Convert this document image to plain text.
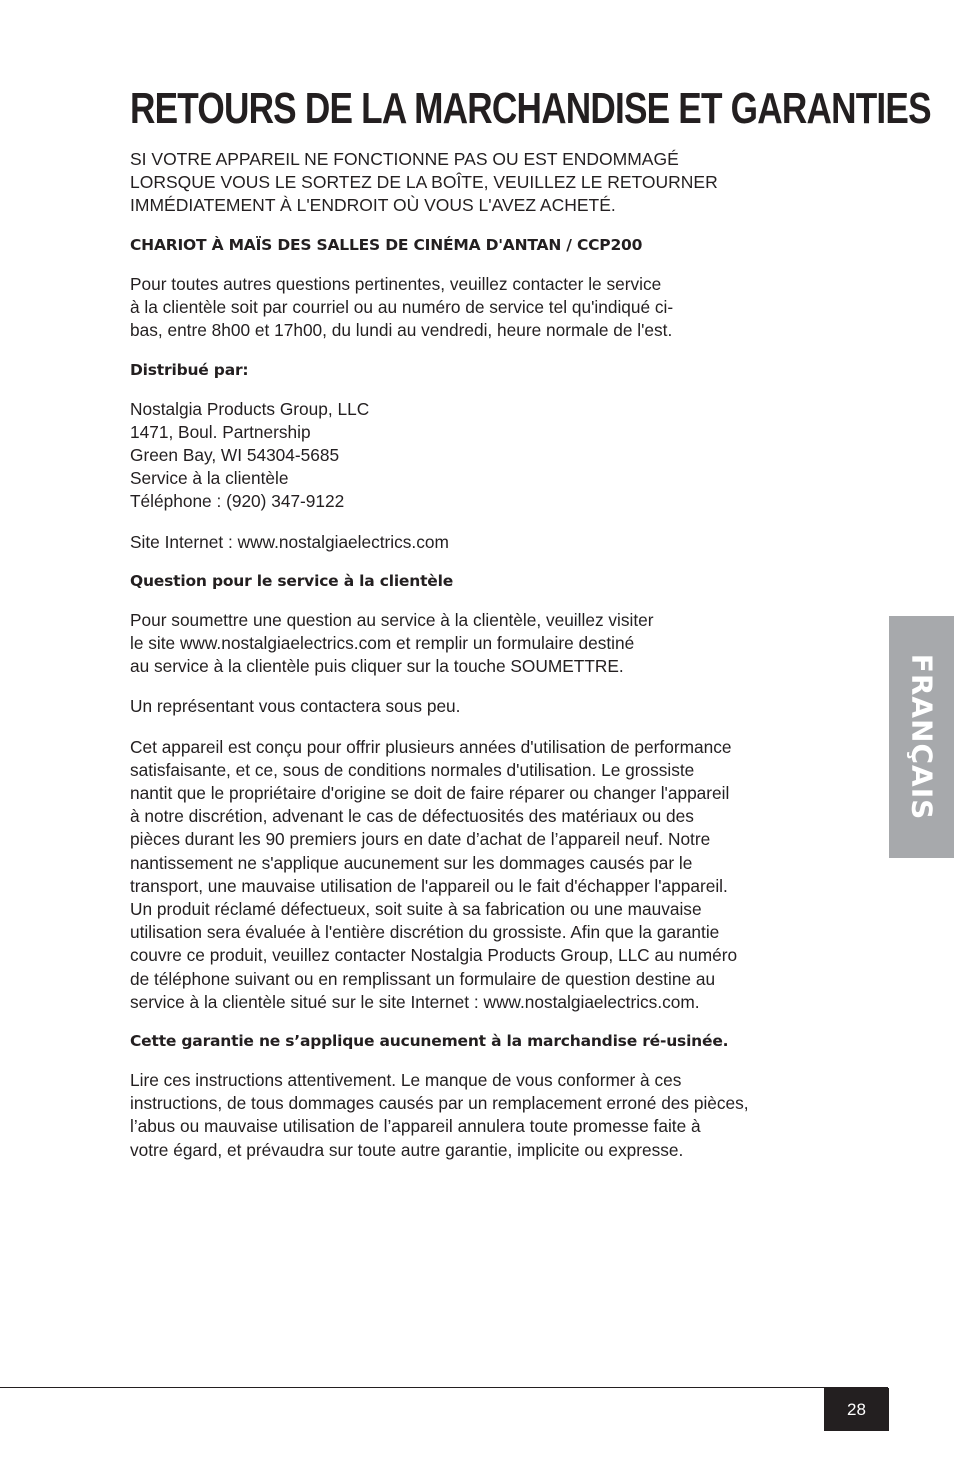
RETOURS DE LA MARCHANDISE ET GARANTIES

SI VOTRE APPAREIL NE FONCTIONNE PAS OU EST ENDOMMAGÉ
LORSQUE VOUS LE SORTEZ DE LA BOÎTE, VEUILLEZ LE RETOURNER
IMMÉDIATEMENT À L'ENDROIT OÙ VOUS L'AVEZ ACHETÉ.

CHARIOT À MAÏS DES SALLES DE CINÉMA D'ANTAN / CCP200

Pour toutes autres questions pertinentes, veuillez contacter le service
à la clientèle soit par courriel ou au numéro de service tel qu'indiqué ci-
bas, entre 8h00 et 17h00, du lundi au vendredi, heure normale de l'est.

Distribué par:

Nostalgia Products Group, LLC
1471, Boul. Partnership
Green Bay, WI 54304-5685
Service à la clientèle
Téléphone : (920) 347-9122

Site Internet : www.nostalgiaelectrics.com

Question pour le service à la clientèle

Pour soumettre une question au service à la clientèle, veuillez visiter
le site www.nostalgiaelectrics.com et remplir un formulaire destiné
au service à la clientèle puis cliquer sur la touche SOUMETTRE.

Un représentant vous contactera sous peu.

Cet appareil est conçu pour offrir plusieurs années d'utilisation de performance
satisfaisante, et ce, sous de conditions normales d'utilisation. Le grossiste
nantit que le propriétaire d'origine se doit de faire réparer ou changer l'appareil
à notre discrétion, advenant le cas de défectuosités des matériaux ou des
pièces durant les 90 premiers jours en date d’achat de l’appareil neuf. Notre
nantissement ne s'applique aucunement sur les dommages causés par le
transport, une mauvaise utilisation de l'appareil ou le fait d'échapper l'appareil.
Un produit réclamé défectueux, soit suite à sa fabrication ou une mauvaise
utilisation sera évaluée à l'entière discrétion du grossiste. Afin que la garantie
couvre ce produit, veuillez contacter Nostalgia Products Group, LLC au numéro
de téléphone suivant ou en remplissant un formulaire de question destine au
service à la clientèle situé sur le site Internet : www.nostalgiaelectrics.com.

Cette garantie ne s’applique aucunement à la marchandise ré-usinée.

Lire ces instructions attentivement. Le manque de vous conformer à ces
instructions, de tous dommages causés par un remplacement erroné des pièces,
l’abus ou mauvaise utilisation de l’appareil annulera toute promesse faite à
votre égard, et prévaudra sur toute autre garantie, implicite ou expresse.

FRANÇAIS
28
